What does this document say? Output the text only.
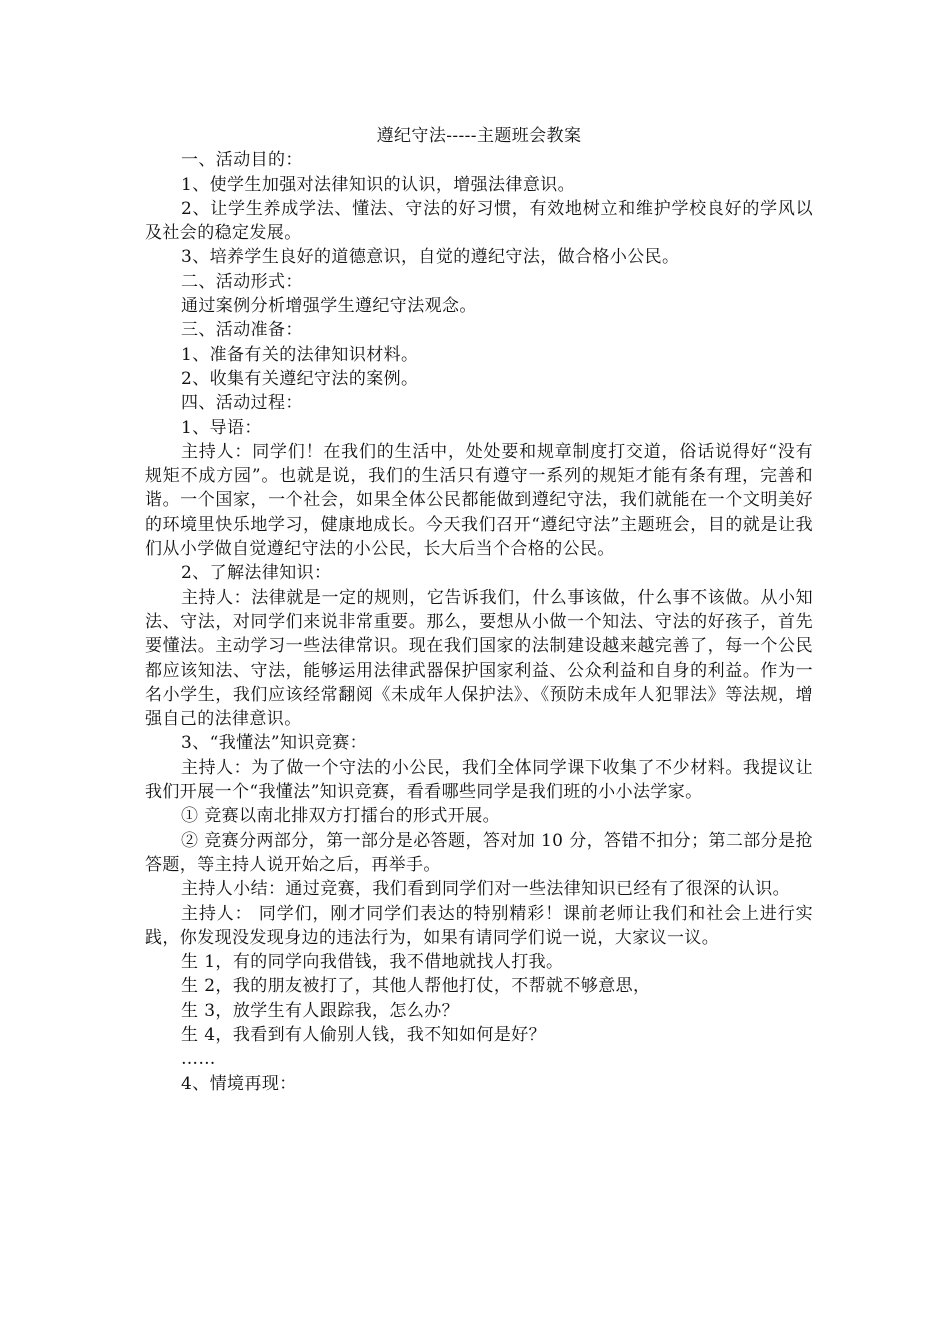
遵纪守法-----主题班会教案

一、活动目的：

1、使学生加强对法律知识的认识，增强法律意识。

2、让学生养成学法、懂法、守法的好习惯，有效地树立和维护学校良好的学风以及社会的稳定发展。

3、培养学生良好的道德意识，自觉的遵纪守法，做合格小公民。

二、活动形式：

通过案例分析增强学生遵纪守法观念。

三、活动准备：

1、准备有关的法律知识材料。

2、收集有关遵纪守法的案例。

四、活动过程：

1、导语：

主持人：同学们！在我们的生活中，处处要和规章制度打交道，俗话说得好“没有规矩不成方园”。也就是说，我们的生活只有遵守一系列的规矩才能有条有理，完善和谐。一个国家，一个社会，如果全体公民都能做到遵纪守法，我们就能在一个文明美好的环境里快乐地学习，健康地成长。今天我们召开“遵纪守法”主题班会，目的就是让我们从小学做自觉遵纪守法的小公民，长大后当个合格的公民。

2、了解法律知识：

主持人：法律就是一定的规则，它告诉我们，什么事该做，什么事不该做。从小知法、守法，对同学们来说非常重要。那么，要想从小做一个知法、守法的好孩子，首先要懂法。主动学习一些法律常识。现在我们国家的法制建设越来越完善了，每一个公民都应该知法、守法，能够运用法律武器保护国家利益、公众利益和自身的利益。作为一名小学生，我们应该经常翻阅《未成年人保护法》、《预防未成年人犯罪法》等法规，增强自己的法律意识。

3、“我懂法”知识竞赛：

主持人：为了做一个守法的小公民，我们全体同学课下收集了不少材料。我提议让我们开展一个“我懂法”知识竞赛，看看哪些同学是我们班的小小法学家。

① 竞赛以南北排双方打擂台的形式开展。

② 竞赛分两部分，第一部分是必答题，答对加 10 分，答错不扣分；第二部分是抢答题，等主持人说开始之后，再举手。

主持人小结：通过竞赛，我们看到同学们对一些法律知识已经有了很深的认识。

主持人： 同学们，刚才同学们表达的特别精彩！课前老师让我们和社会上进行实践，你发现没发现身边的违法行为，如果有请同学们说一说，大家议一议。

生 1，有的同学向我借钱，我不借地就找人打我。

生 2，我的朋友被打了，其他人帮他打仗，不帮就不够意思，

生 3，放学生有人跟踪我，怎么办？

生 4，我看到有人偷别人钱，我不知如何是好？

……

4、情境再现：
